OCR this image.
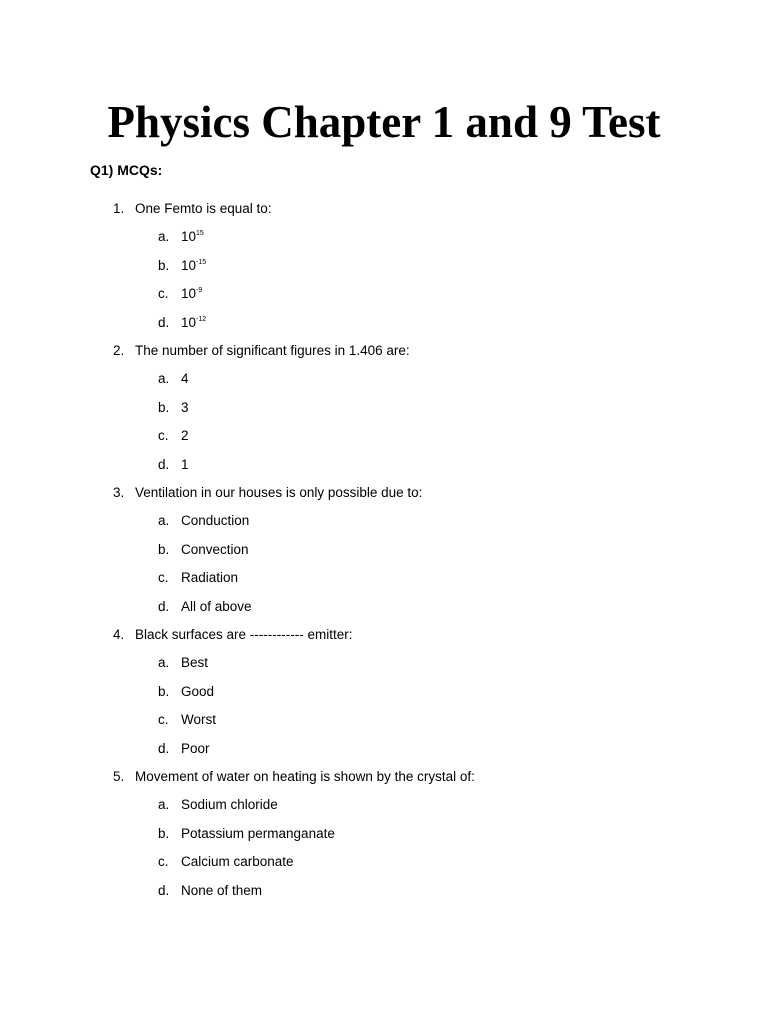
Physics Chapter 1 and 9 Test

Q1) MCQs:

1. One Femto is equal to:
a. $10^{15}$
b. $10^{-15}$
c. $10^{-9}$
d. $10^{-12}$
2. The number of significant figures in 1.406 are:
a. 4
b. 3
c. 2
d. 1
3. Ventilation in our houses is only possible due to:
a. Conduction
b. Convection
c. Radiation
d. All of above
4. Black surfaces are ------------ emitter:
a. Best
b. Good
c. Worst
d. Poor
5. Movement of water on heating is shown by the crystal of:
a. Sodium chloride
b. Potassium permanganate
c. Calcium carbonate
d. None of them
